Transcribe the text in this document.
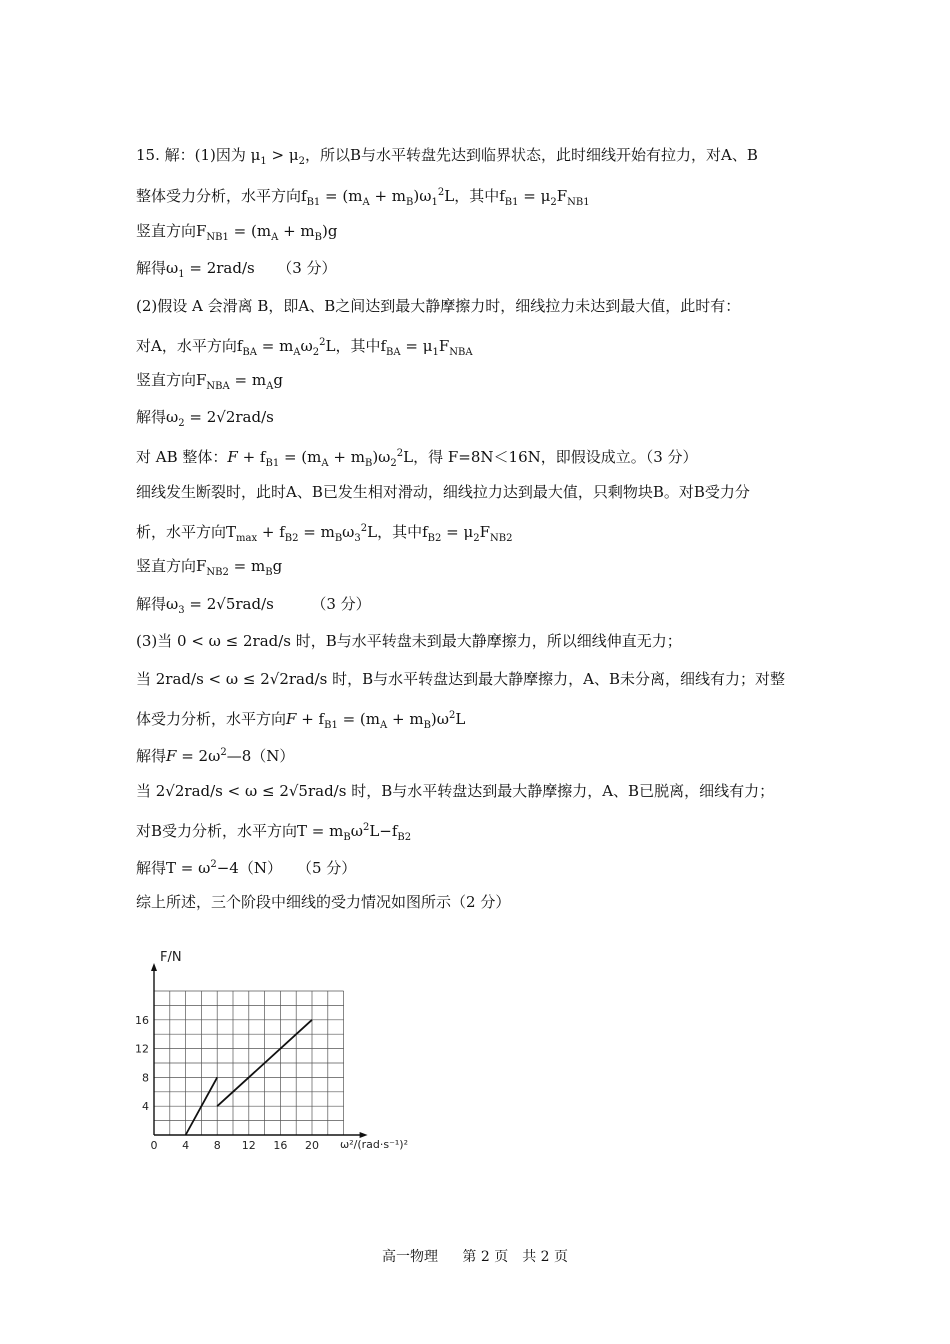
15. 解：(1)因为 $\mu_1 > \mu_2$，所以B与水平转盘先达到临界状态，此时细线开始有拉力，对A、B
整体受力分析，水平方向$f_{B1} = (m_A + m_B)\omega_1^2L$，其中$f_{B1} = \mu_2F_{NB1}$
竖直方向$F_{NB1} = (m_A + m_B)g$
解得$\omega_1 = 2rad/s$　　（3 分）
(2)假设 A 会滑离 B，即A、B之间达到最大静摩擦力时，细线拉力未达到最大值，此时有：
对A，水平方向$f_{BA} = m_A\omega_2^2L$，其中$f_{BA} = \mu_1F_{NBA}$
竖直方向$F_{NBA} = m_Ag$
解得$\omega_2 = 2√2rad/s$
对 AB 整体：$F + f_{B1} = (m_A + m_B)\omega_2^2L$，得 F=8N＜16N，即假设成立。（3 分）
细线发生断裂时，此时A、B已发生相对滑动，细线拉力达到最大值，只剩物块B。对B受力分
析，水平方向$T_{max} + f_{B2} = m_B\omega_3^2L$，其中$f_{B2} = \mu_2F_{NB2}$
竖直方向$F_{NB2} = m_Bg$
解得$\omega_3 = 2√5rad/s$　　　（3 分）
(3)当 0 < ω ≤ 2rad/s 时，B与水平转盘未到最大静摩擦力，所以细线伸直无力；
当 2rad/s < ω ≤ 2√2rad/s 时，B与水平转盘达到最大静摩擦力，A、B未分离，细线有力；对整
体受力分析，水平方向$F + f_{B1} = (m_A + m_B)\omega^2L$
解得$F = 2\omega^2—8(N)$
当 2√2rad/s < ω ≤ 2√5rad/s 时，B与水平转盘达到最大静摩擦力，A、B已脱离，细线有力；
对B受力分析，水平方向$T = m_B\omega^2L-f_{B2}$
解得$T = \omega^2-4(N)$　　（5 分）
综上所述，三个阶段中细线的受力情况如图所示（2 分）
0 4 8 12 16 20
4
8
12
16
F/N
ω²/(rad·s⁻¹)²
高一物理 第 2 页　共 2 页
